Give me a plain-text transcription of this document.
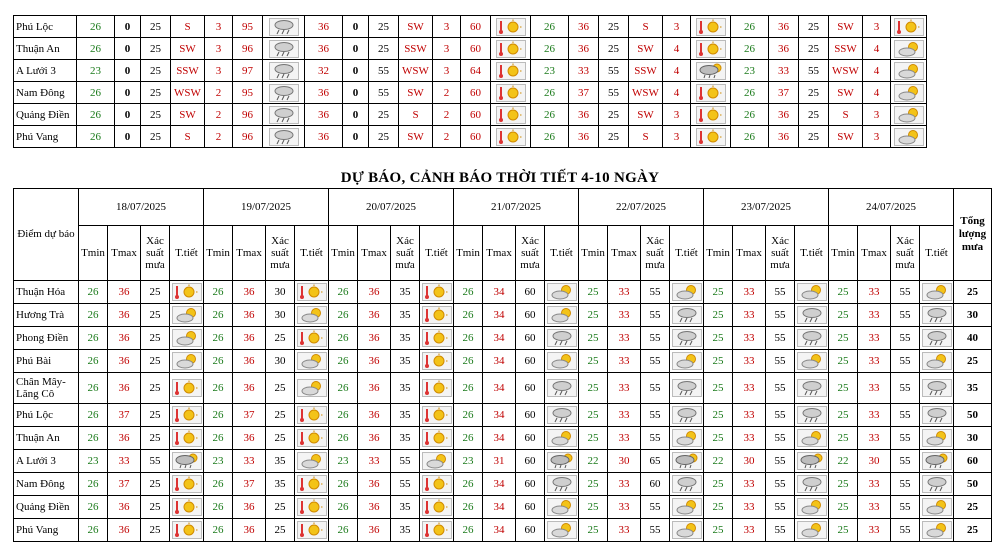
Phú Lộc	26	0	25	S	3	95		36	0	25	SW	3	60		26	36	25	S	3		26	36	25	SW	3	

Thuận An	26	0	25	SW	3	96		36	0	25	SSW	3	60		26	36	25	SW	4		26	36	25	SSW	4	

A Lưới 3	23	0	25	SSW	3	97		32	0	55	WSW	3	64		23	33	55	SSW	4		23	33	55	WSW	4	

Nam Đông	26	0	25	WSW	2	95		36	0	55	SW	2	60		26	37	55	WSW	4		26	37	25	SW	4	

Quảng Điền	26	0	25	SW	2	96		36	0	25	S	2	60		26	36	25	SW	3		26	36	25	S	3	

Phú Vang	26	0	25	S	2	96		36	0	25	SW	2	60		26	36	25	S	3		26	36	25	SW	3	
DỰ BÁO, CẢNH BÁO THỜI TIẾT 4-10 NGÀY
Điểm dự báo	18/07/2025				19/07/2025				20/07/2025				21/07/2025				22/07/2025				23/07/2025				24/07/2025				Tổng lượng mưa
	Tmin	Tmax	Xác suất mưa	T.tiết	Tmin	Tmax	Xác suất mưa	T.tiết	Tmin	Tmax	Xác suất mưa	T.tiết	Tmin	Tmax	Xác suất mưa	T.tiết	Tmin	Tmax	Xác suất mưa	T.tiết	Tmin	Tmax	Xác suất mưa	T.tiết	Tmin	Tmax	Xác suất mưa	T.tiết	
Thuận Hóa	26	36	25		26	36	30		26	36	35		26	34	60		25	33	55		25	33	55		25	33	55		25
Hương Trà	26	36	25		26	36	30		26	36	35		26	34	60		25	33	55		25	33	55		25	33	55		30
Phong Điền	26	36	25		26	36	25		26	36	35		26	34	60		25	33	55		25	33	55		25	33	55		40
Phú Bài	26	36	25		26	36	30		26	36	35		26	34	60		25	33	55		25	33	55		25	33	55		25
Chân Mây-Lăng Cô	26	36	25		26	36	25		26	36	35		26	34	60		25	33	55		25	33	55		25	33	55		35
Phú Lộc	26	37	25		26	37	25		26	36	35		26	34	60		25	33	55		25	33	55		25	33	55		50
Thuận An	26	36	25		26	36	25		26	36	35		26	34	60		25	33	55		25	33	55		25	33	55		30
A Lưới 3	23	33	55		23	33	35		23	33	55		23	31	60		22	30	65		22	30	55		22	30	55		60
Nam Đông	26	37	25		26	37	35		26	36	55		26	34	60		25	33	60		25	33	55		25	33	55		50
Quảng Điền	26	36	25		26	36	25		26	36	35		26	34	60		25	33	55		25	33	55		25	33	55		25
Phú Vang	26	36	25		26	36	25		26	36	35		26	34	60		25	33	55		25	33	55		25	33	55		25
